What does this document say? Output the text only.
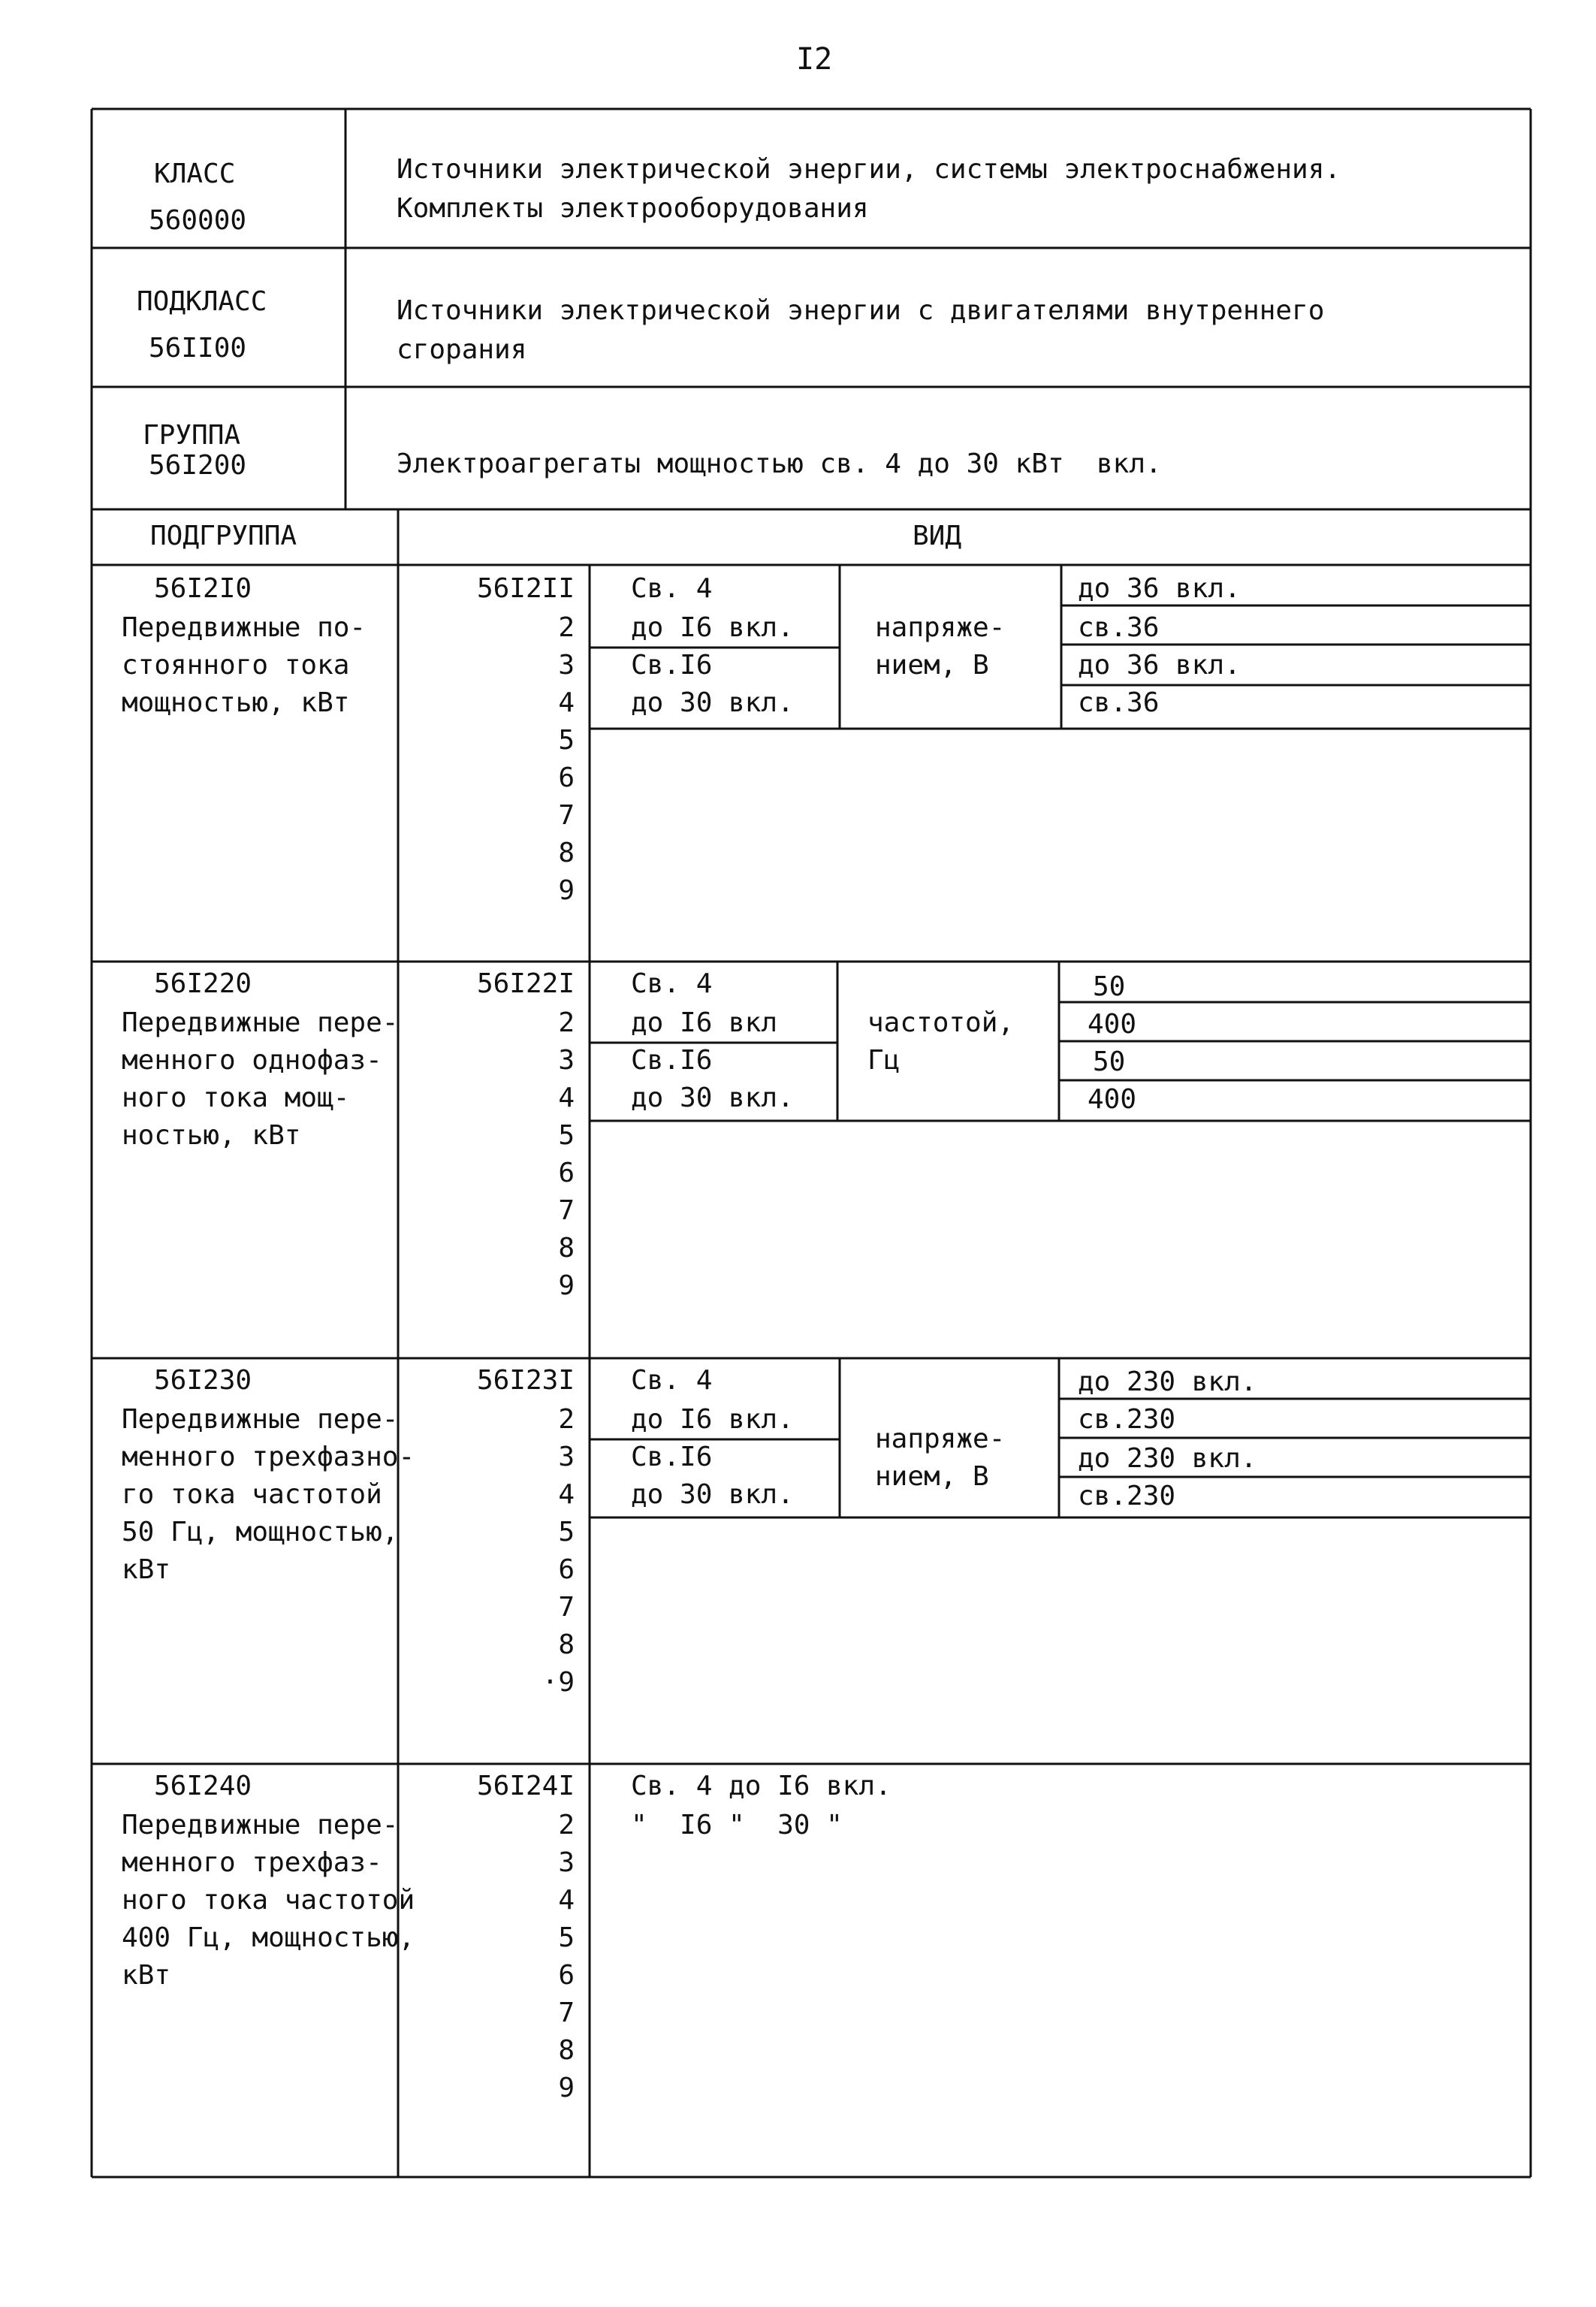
I2
КЛАСС
560000
Источники электрической энергии, системы электроснабжения.
Комплекты электрооборудования
ПОДКЛАСС
56II00
Источники электрической энергии с двигателями внутреннего
сгорания
ГРУППА
56I200	Электроагрегаты мощностью св. 4 до 30 кВт  вкл.
ПОДГРУППА	ВИД
56I2I0
Передвижные по-
стоянного тока
мощностью, кВт
56I2II
2
3
4
5
6
7
8
9
Св. 4
до I6 вкл.
Св.I6
до 30 вкл.
напряже-
нием, В
до 36 вкл.
св.36
до 36 вкл.
св.36
56I220
Передвижные пере-
менного однофаз-
ного тока мощ-
ностью, кВт
56I22I
2
3
4
5
6
7
8
9
Св. 4
до I6 вкл
Св.I6
до 30 вкл.
частотой,
Гц
50
400
50
400
56I230
Передвижные пере-
менного трехфазно-
го тока частотой
50 Гц, мощностью,
кВт
56I23I
2
3
4
5
6
7
8
·9
Св. 4
до I6 вкл.
Св.I6
до 30 вкл.
напряже-
нием, В
до 230 вкл.
св.230
до 230 вкл.
св.230
56I240
Передвижные пере-
менного трехфаз-
ного тока частотой
400 Гц, мощностью,
кВт
56I24I
2
3
4
5
6
7
8
9
Св. 4 до I6 вкл.
"  I6 "  30 "
